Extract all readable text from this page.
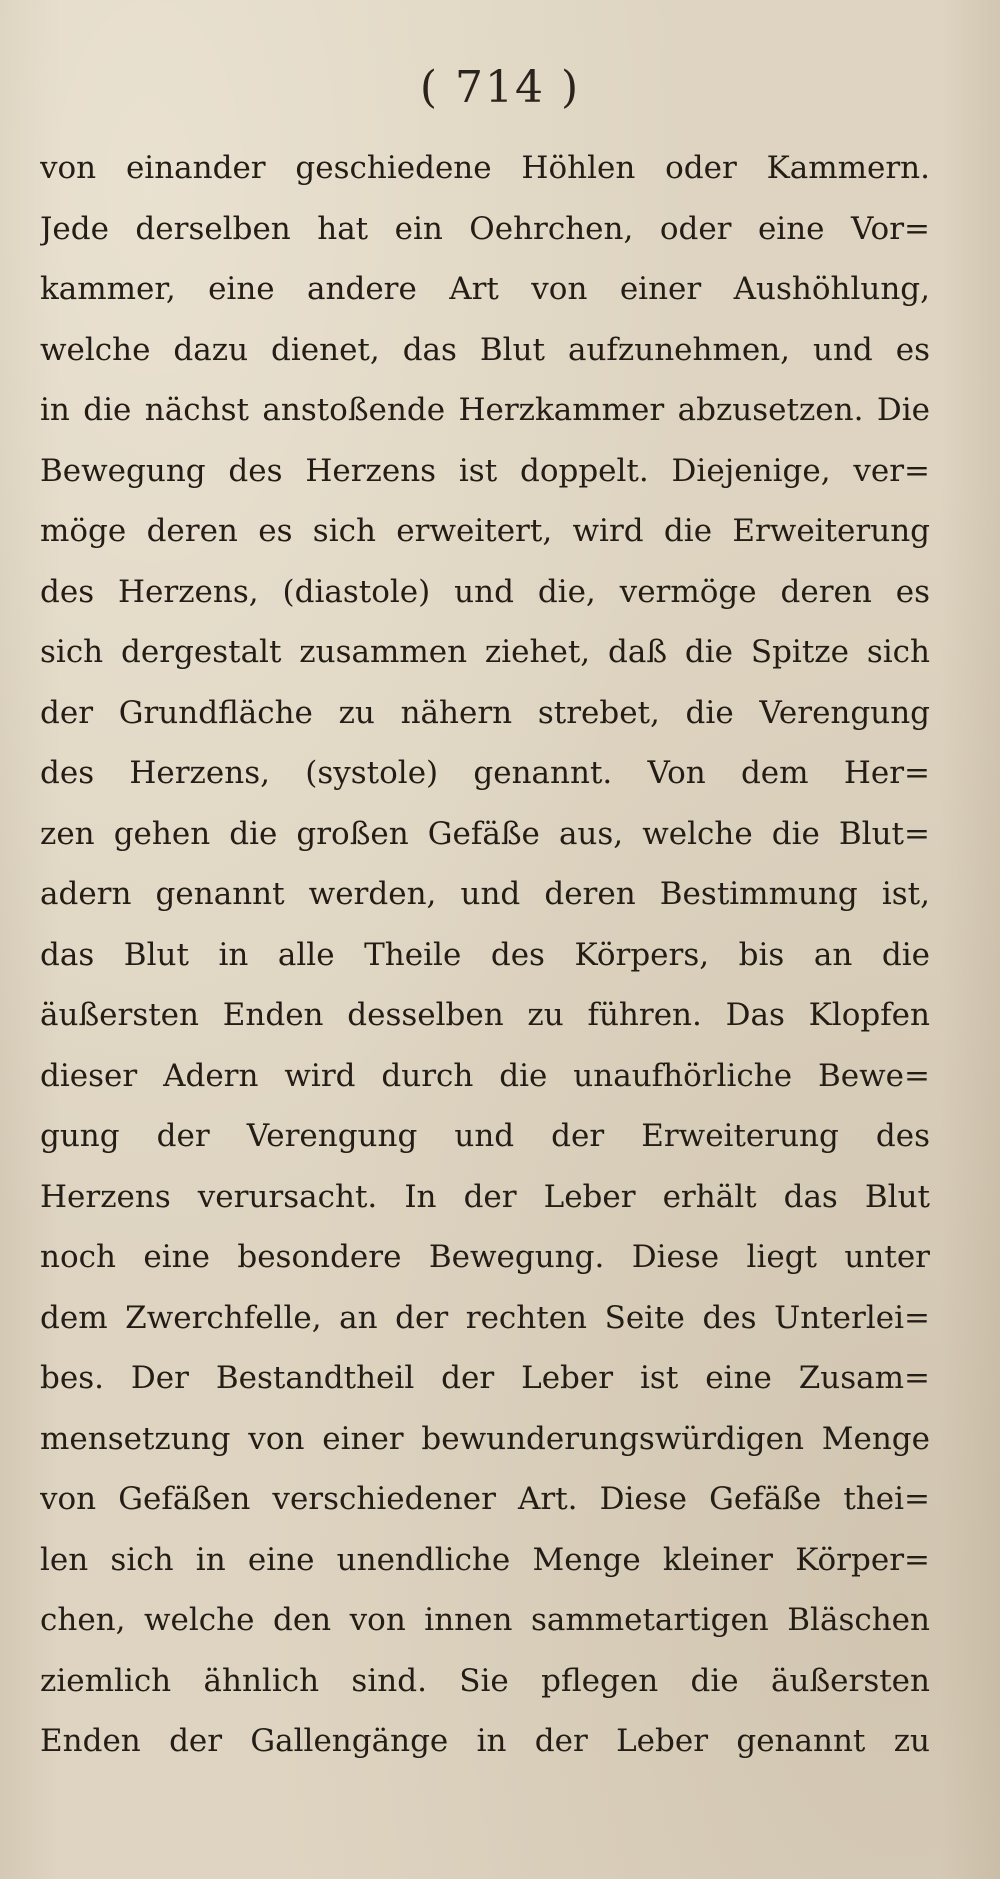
( 714 )
von einander geschiedene Höhlen oder Kammern.
Jede derselben hat ein Oehrchen, oder eine Vor=
kammer, eine andere Art von einer Aushöhlung,
welche dazu dienet, das Blut aufzunehmen, und es
in die nächst anstoßende Herzkammer abzusetzen. Die
Bewegung des Herzens ist doppelt. Diejenige, ver=
möge deren es sich erweitert, wird die Erweiterung
des Herzens, (diastole) und die, vermöge deren es
sich dergestalt zusammen ziehet, daß die Spitze sich
der Grundfläche zu nähern strebet, die Verengung
des Herzens, (systole) genannt. Von dem Her=
zen gehen die großen Gefäße aus, welche die Blut=
adern genannt werden, und deren Bestimmung ist,
das Blut in alle Theile des Körpers, bis an die
äußersten Enden desselben zu führen. Das Klopfen
dieser Adern wird durch die unaufhörliche Bewe=
gung der Verengung und der Erweiterung des
Herzens verursacht. In der Leber erhält das Blut
noch eine besondere Bewegung. Diese liegt unter
dem Zwerchfelle, an der rechten Seite des Unterlei=
bes. Der Bestandtheil der Leber ist eine Zusam=
mensetzung von einer bewunderungswürdigen Menge
von Gefäßen verschiedener Art. Diese Gefäße thei=
len sich in eine unendliche Menge kleiner Körper=
chen, welche den von innen sammetartigen Bläschen
ziemlich ähnlich sind. Sie pflegen die äußersten
Enden der Gallengänge in der Leber genannt zu
